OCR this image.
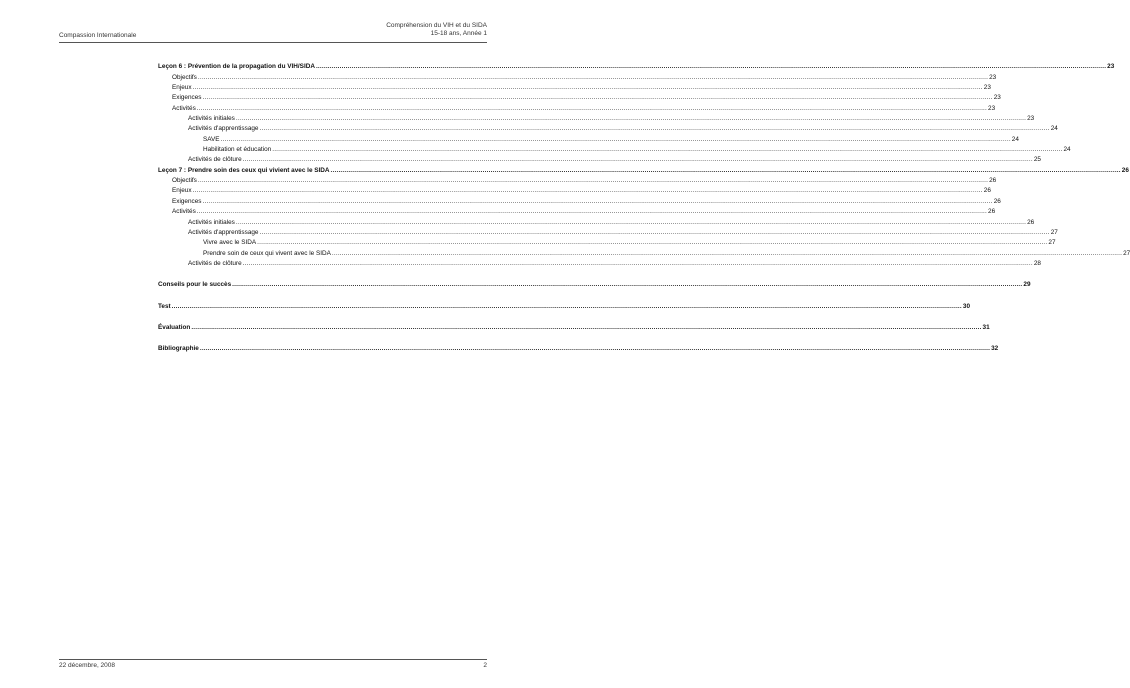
Compassion Internationale
Compréhension du VIH et du SIDA
15-18 ans, Année 1
Leçon 6 : Prévention de la propagation du VIH/SIDA ................................................................................................................................................................................................................................................................................................................................................................................................................ 23
Objectifs ................................................................................................................................................................................................................................................................................................................................................................................................................ 23
Enjeux ................................................................................................................................................................................................................................................................................................................................................................................................................ 23
Exigences ................................................................................................................................................................................................................................................................................................................................................................................................................ 23
Activités ................................................................................................................................................................................................................................................................................................................................................................................................................ 23
Activités initiales ................................................................................................................................................................................................................................................................................................................................................................................................................ 23
Activités d'apprentissage ................................................................................................................................................................................................................................................................................................................................................................................................................ 24
SAVE ................................................................................................................................................................................................................................................................................................................................................................................................................ 24
Habilitation et éducation ................................................................................................................................................................................................................................................................................................................................................................................................................ 24
Activités de clôture ................................................................................................................................................................................................................................................................................................................................................................................................................ 25
Leçon 7 : Prendre soin des ceux qui vivient avec le SIDA ................................................................................................................................................................................................................................................................................................................................................................................................................ 26
Objectifs ................................................................................................................................................................................................................................................................................................................................................................................................................ 26
Enjeux ................................................................................................................................................................................................................................................................................................................................................................................................................ 26
Exigences ................................................................................................................................................................................................................................................................................................................................................................................................................ 26
Activités ................................................................................................................................................................................................................................................................................................................................................................................................................ 26
Activités initiales ................................................................................................................................................................................................................................................................................................................................................................................................................ 26
Activités d'apprentissage ................................................................................................................................................................................................................................................................................................................................................................................................................ 27
Vivre avec le SIDA ................................................................................................................................................................................................................................................................................................................................................................................................................ 27
Prendre soin de ceux qui vivent avec le SIDA ................................................................................................................................................................................................................................................................................................................................................................................................................ 27
Activités de clôture ................................................................................................................................................................................................................................................................................................................................................................................................................ 28
Conseils pour le succès ................................................................................................................................................................................................................................................................................................................................................................................................................ 29
Test ................................................................................................................................................................................................................................................................................................................................................................................................................ 30
Évaluation ................................................................................................................................................................................................................................................................................................................................................................................................................ 31
Bibliographie ................................................................................................................................................................................................................................................................................................................................................................................................................ 32
22 décembre, 2008	2
